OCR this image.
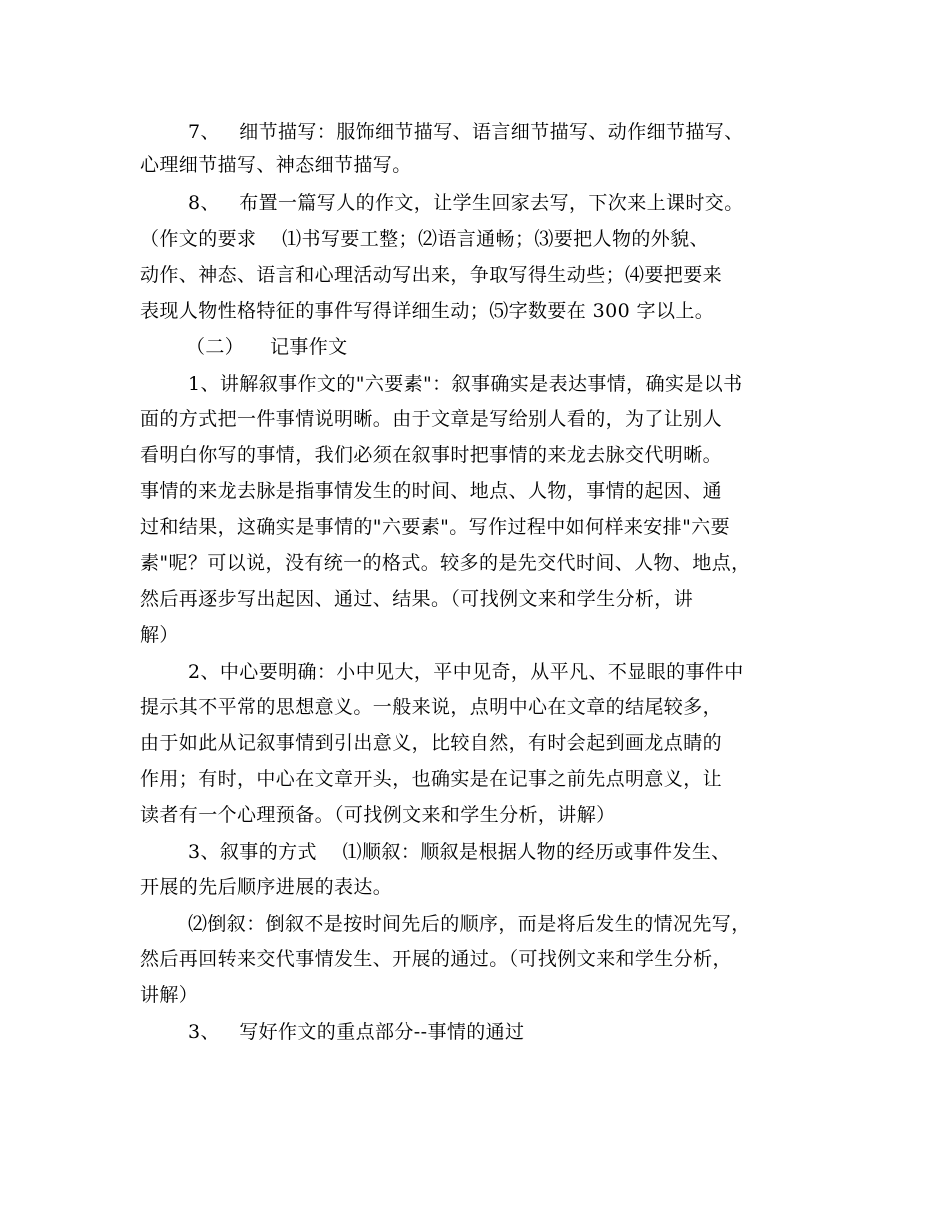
7、   细节描写：服饰细节描写、语言细节描写、动作细节描写、
心理细节描写、神态细节描写。
8、   布置一篇写人的作文，让学生回家去写，下次来上课时交。
（作文的要求    ⑴书写要工整；⑵语言通畅；⑶要把人物的外貌、
动作、神态、语言和心理活动写出来，争取写得生动些；⑷要把要来
表现人物性格特征的事件写得详细生动；⑸字数要在 300 字以上。
（二）    记事作文
1、讲解叙事作文的"六要素"：叙事确实是表达事情，确实是以书
面的方式把一件事情说明晰。由于文章是写给别人看的，为了让别人
看明白你写的事情，我们必须在叙事时把事情的来龙去脉交代明晰。
事情的来龙去脉是指事情发生的时间、地点、人物，事情的起因、通
过和结果，这确实是事情的"六要素"。写作过程中如何样来安排"六要
素"呢？可以说，没有统一的格式。较多的是先交代时间、人物、地点，
然后再逐步写出起因、通过、结果。（可找例文来和学生分析，讲
解）
2、中心要明确：小中见大，平中见奇，从平凡、不显眼的事件中
提示其不平常的思想意义。一般来说，点明中心在文章的结尾较多，
由于如此从记叙事情到引出意义，比较自然，有时会起到画龙点睛的
作用；有时，中心在文章开头，也确实是在记事之前先点明意义，让
读者有一个心理预备。（可找例文来和学生分析，讲解）
3、叙事的方式    ⑴顺叙：顺叙是根据人物的经历或事件发生、
开展的先后顺序进展的表达。
⑵倒叙：倒叙不是按时间先后的顺序，而是将后发生的情况先写，
然后再回转来交代事情发生、开展的通过。（可找例文来和学生分析，
讲解）
3、   写好作文的重点部分--事情的通过
